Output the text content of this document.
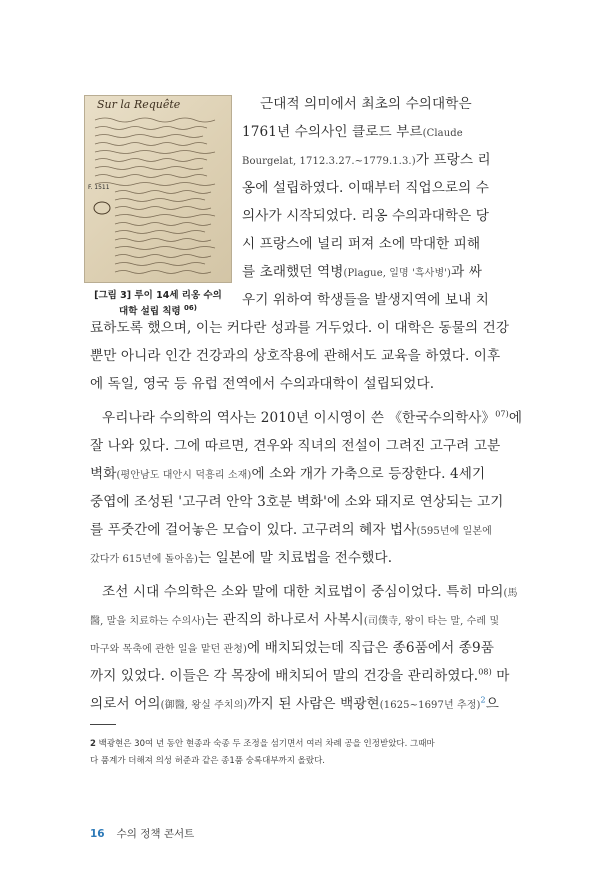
Sur la Requête
F. 1511
[그림 3] 루이 14세 리옹 수의
대학 설립 칙령 $^{06)}$
근대적 의미에서 최초의 수의대학은
1761년 수의사인 클로드 부르(Claude
Bourgelat, 1712.3.27.~1779.1.3.)가 프랑스 리
옹에 설립하였다. 이때부터 직업으로의 수
의사가 시작되었다. 리옹 수의과대학은 당
시 프랑스에 널리 퍼져 소에 막대한 피해
를 초래했던 역병(Plague, 일명 '흑사병')과 싸
우기 위하여 학생들을 발생지역에 보내 치
료하도록 했으며, 이는 커다란 성과를 거두었다. 이 대학은 동물의 건강
뿐만 아니라 인간 건강과의 상호작용에 관해서도 교육을 하였다. 이후
에 독일, 영국 등 유럽 전역에서 수의과대학이 설립되었다.
우리나라 수의학의 역사는 2010년 이시영이 쓴 《한국수의학사》$^{07)}$에
잘 나와 있다. 그에 따르면, 견우와 직녀의 전설이 그려진 고구려 고분
벽화(평안남도 대안시 덕흥리 소재)에 소와 개가 가축으로 등장한다. 4세기
중엽에 조성된 '고구려 안악 3호분 벽화'에 소와 돼지로 연상되는 고기
를 푸줏간에 걸어놓은 모습이 있다. 고구려의 혜자 법사(595년에 일본에
갔다가 615년에 돌아옴)는 일본에 말 치료법을 전수했다.
조선 시대 수의학은 소와 말에 대한 치료법이 중심이었다. 특히 마의(馬
醫, 말을 치료하는 수의사)는 관직의 하나로서 사복시(司僕寺, 왕이 타는 말, 수레 및
마구와 목축에 관한 일을 맡던 관청)에 배치되었는데 직급은 종6품에서 종9품
까지 있었다. 이들은 각 목장에 배치되어 말의 건강을 관리하였다.$^{08)}$ 마
의로서 어의(御醫, 왕실 주치의)까지 된 사람은 백광현(1625~1697년 추정)$^2$으
2 백광현은 30여 년 동안 현종과 숙종 두 조정을 섬기면서 여러 차례 공을 인정받았다. 그때마
다 품계가 더해져 의성 허준과 같은 종1품 숭록대부까지 올랐다.
16 수의 정책 콘서트
